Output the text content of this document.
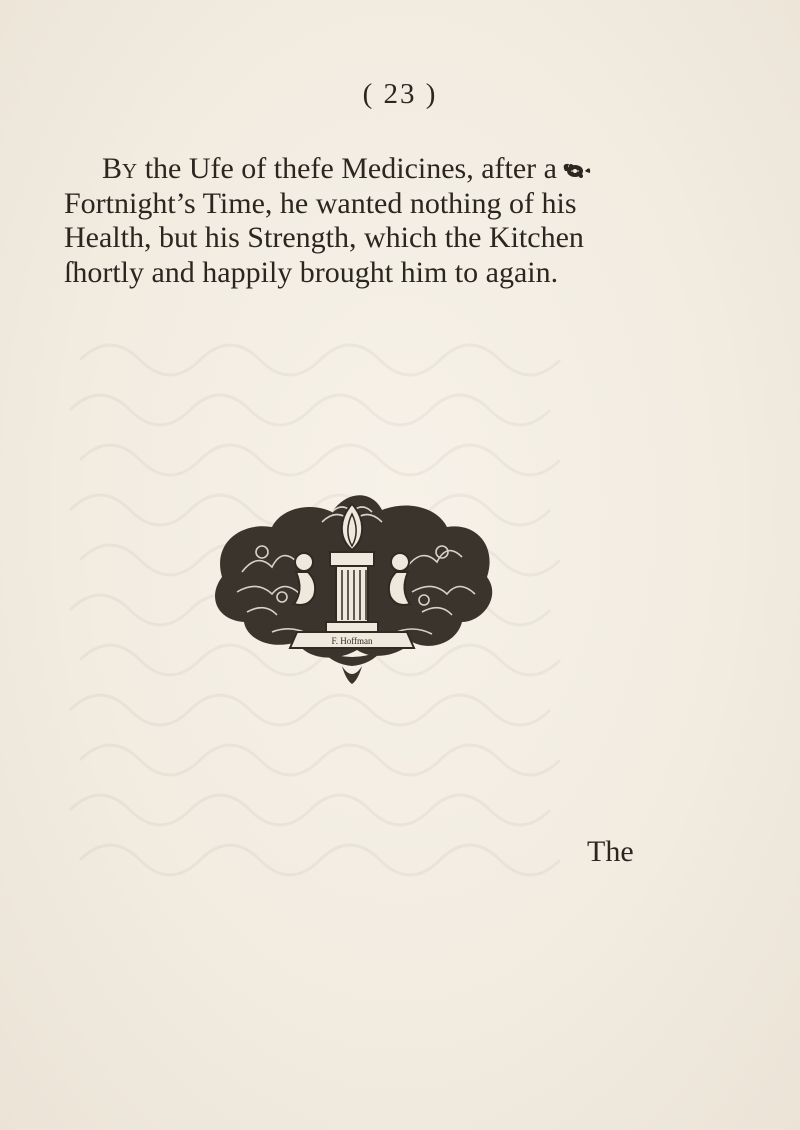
( 23 )

By the Ufe of thefe Medicines, after a
Fortnight’s Time, he wanted nothing of his
Health, but his Strength, which the Kitchen
ſhortly and happily brought him to again.

F. Hoffman
The
